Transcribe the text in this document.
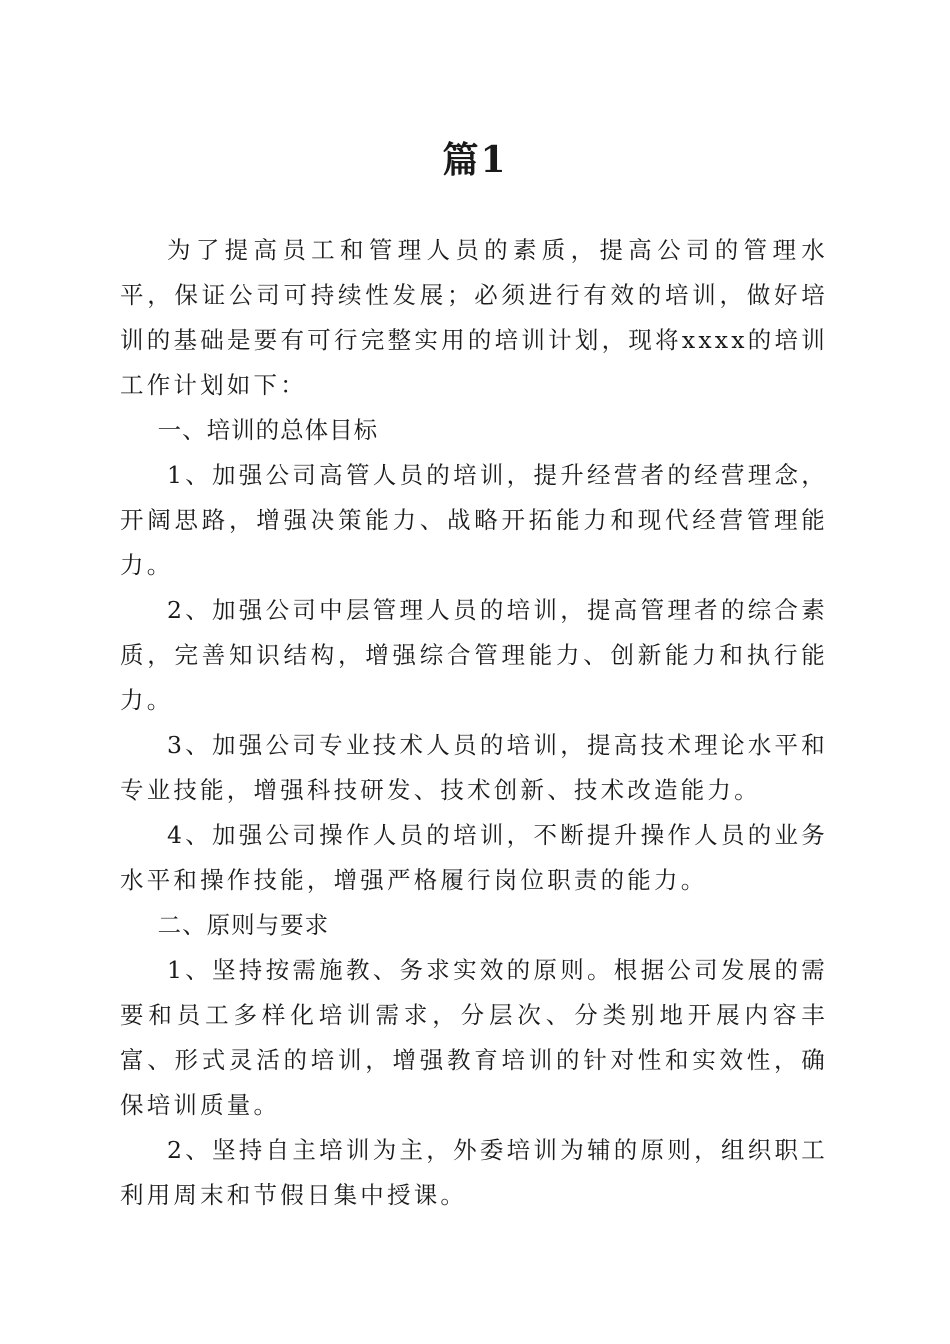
篇1

为了提高员工和管理人员的素质，提高公司的管理水平，保证公司可持续性发展；必须进行有效的培训，做好培训的基础是要有可行完整实用的培训计划，现将xxxx的培训工作计划如下：

一、培训的总体目标

1、加强公司高管人员的培训，提升经营者的经营理念，开阔思路，增强决策能力、战略开拓能力和现代经营管理能力。

2、加强公司中层管理人员的培训，提高管理者的综合素质，完善知识结构，增强综合管理能力、创新能力和执行能力。

3、加强公司专业技术人员的培训，提高技术理论水平和专业技能，增强科技研发、技术创新、技术改造能力。

4、加强公司操作人员的培训，不断提升操作人员的业务水平和操作技能，增强严格履行岗位职责的能力。

二、原则与要求

1、坚持按需施教、务求实效的原则。根据公司发展的需要和员工多样化培训需求，分层次、分类别地开展内容丰富、形式灵活的培训，增强教育培训的针对性和实效性，确保培训质量。

2、坚持自主培训为主，外委培训为辅的原则，组织职工利用周末和节假日集中授课。
